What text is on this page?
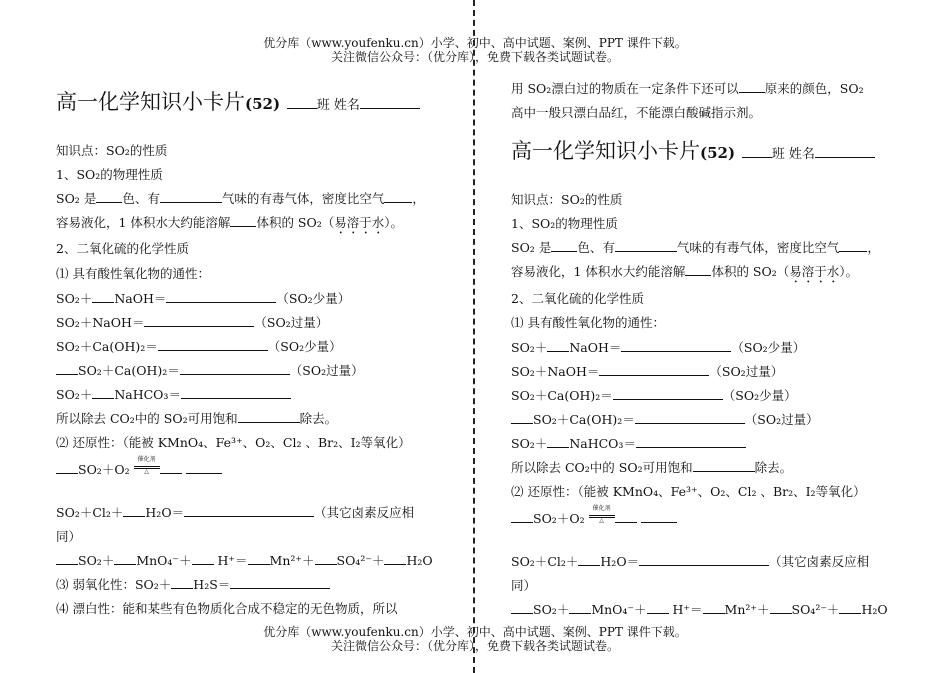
优分库（www.youfenku.cn）小学、初中、高中试题、案例、PPT 课件下载。
关注微信公众号：（优分库），免费下载各类试题试卷。
优分库（www.youfenku.cn）小学、初中、高中试题、案例、PPT 课件下载。
关注微信公众号：（优分库），免费下载各类试题试卷。
高一化学知识小卡片(52)	班 姓名
知识点：SO₂的性质
1、SO₂的物理性质
SO₂ 是 色、有	气味的有毒气体，密度比空气 ，
容易液化，1 体积水大约能溶解 体积的 SO₂（易溶于水）。
2、二氧化硫的化学性质
⑴ 具有酸性氧化物的通性：
SO₂＋ NaOH＝	（SO₂少量）
SO₂＋NaOH＝	（SO₂过量）
SO₂＋Ca(OH)₂＝	（SO₂少量）
SO₂＋Ca(OH)₂＝	（SO₂过量）
SO₂＋ NaHCO₃＝
所以除去 CO₂中的 SO₂可用饱和	除去。
⑵ 还原性：（能被 KMnO₄、Fe³⁺、O₂、Cl₂ 、Br₂、I₂等氧化）
SO₂＋O₂
催化剂
△

SO₂＋Cl₂＋ H₂O＝	（其它卤素反应相
同）
SO₂＋ MnO₄⁻＋ H⁺＝ Mn²⁺＋ SO₄²⁻＋ H₂O
⑶ 弱氧化性：SO₂＋ H₂S＝
⑷ 漂白性：能和某些有色物质化合成不稳定的无色物质，所以
用 SO₂漂白过的物质在一定条件下还可以 原来的颜色，SO₂
高中一般只漂白品红，不能漂白酸碱指示剂。
高一化学知识小卡片(52)	班 姓名
知识点：SO₂的性质
1、SO₂的物理性质
SO₂ 是 色、有	气味的有毒气体，密度比空气 ，
容易液化，1 体积水大约能溶解 体积的 SO₂（易溶于水）。
2、二氧化硫的化学性质
⑴ 具有酸性氧化物的通性：
SO₂＋ NaOH＝	（SO₂少量）
SO₂＋NaOH＝	（SO₂过量）
SO₂＋Ca(OH)₂＝	（SO₂少量）
SO₂＋Ca(OH)₂＝	（SO₂过量）
SO₂＋ NaHCO₃＝
所以除去 CO₂中的 SO₂可用饱和	除去。
⑵ 还原性：（能被 KMnO₄、Fe³⁺、O₂、Cl₂ 、Br₂、I₂等氧化）
SO₂＋O₂
催化剂
△

SO₂＋Cl₂＋ H₂O＝	（其它卤素反应相
同）
SO₂＋ MnO₄⁻＋ H⁺＝ Mn²⁺＋ SO₄²⁻＋ H₂O
